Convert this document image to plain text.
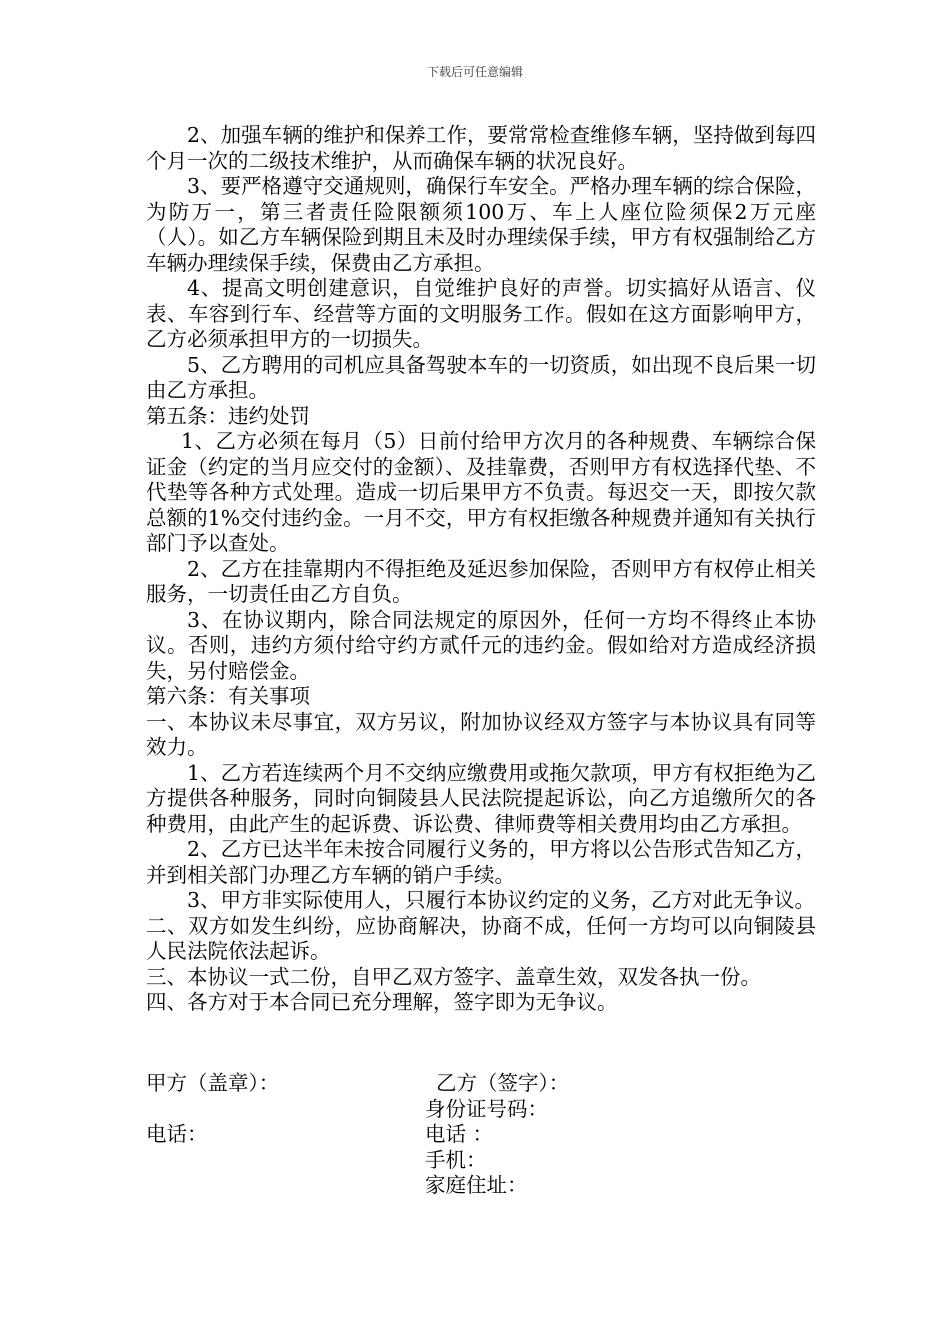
下载后可任意编辑

2、加强车辆的维护和保养工作，要常常检查维修车辆，坚持做到每四个月一次的二级技术维护，从而确保车辆的状况良好。

3、要严格遵守交通规则，确保行车安全。严格办理车辆的综合保险，为防万一，第三者责任险限额须100万、车上人座位险须保2万元座（人）。如乙方车辆保险到期且未及时办理续保手续，甲方有权强制给乙方车辆办理续保手续，保费由乙方承担。

4、提高文明创建意识，自觉维护良好的声誉。切实搞好从语言、仪表、车容到行车、经营等方面的文明服务工作。假如在这方面影响甲方，乙方必须承担甲方的一切损失。

5、乙方聘用的司机应具备驾驶本车的一切资质，如出现不良后果一切由乙方承担。

第五条：违约处罚

1、乙方必须在每月（5）日前付给甲方次月的各种规费、车辆综合保证金（约定的当月应交付的金额）、及挂靠费，否则甲方有权选择代垫、不代垫等各种方式处理。造成一切后果甲方不负责。每迟交一天，即按欠款总额的1%交付违约金。一月不交，甲方有权拒缴各种规费并通知有关执行部门予以查处。

2、乙方在挂靠期内不得拒绝及延迟参加保险，否则甲方有权停止相关服务，一切责任由乙方自负。

3、在协议期内，除合同法规定的原因外，任何一方均不得终止本协议。否则，违约方须付给守约方贰仟元的违约金。假如给对方造成经济损失，另付赔偿金。

第六条：有关事项

一、本协议未尽事宜，双方另议，附加协议经双方签字与本协议具有同等效力。

1、乙方若连续两个月不交纳应缴费用或拖欠款项，甲方有权拒绝为乙方提供各种服务，同时向铜陵县人民法院提起诉讼，向乙方追缴所欠的各种费用，由此产生的起诉费、诉讼费、律师费等相关费用均由乙方承担。

2、乙方已达半年未按合同履行义务的，甲方将以公告形式告知乙方，并到相关部门办理乙方车辆的销户手续。

3、甲方非实际使用人，只履行本协议约定的义务，乙方对此无争议。

二、双方如发生纠纷，应协商解决，协商不成，任何一方均可以向铜陵县人民法院依法起诉。

三、本协议一式二份，自甲乙双方签字、盖章生效，双发各执一份。

四、各方对于本合同已充分理解，签字即为无争议。

甲方（盖章）：	乙方（签字）：
身份证号码：
电话：	电话 ：
手机：
家庭住址：
